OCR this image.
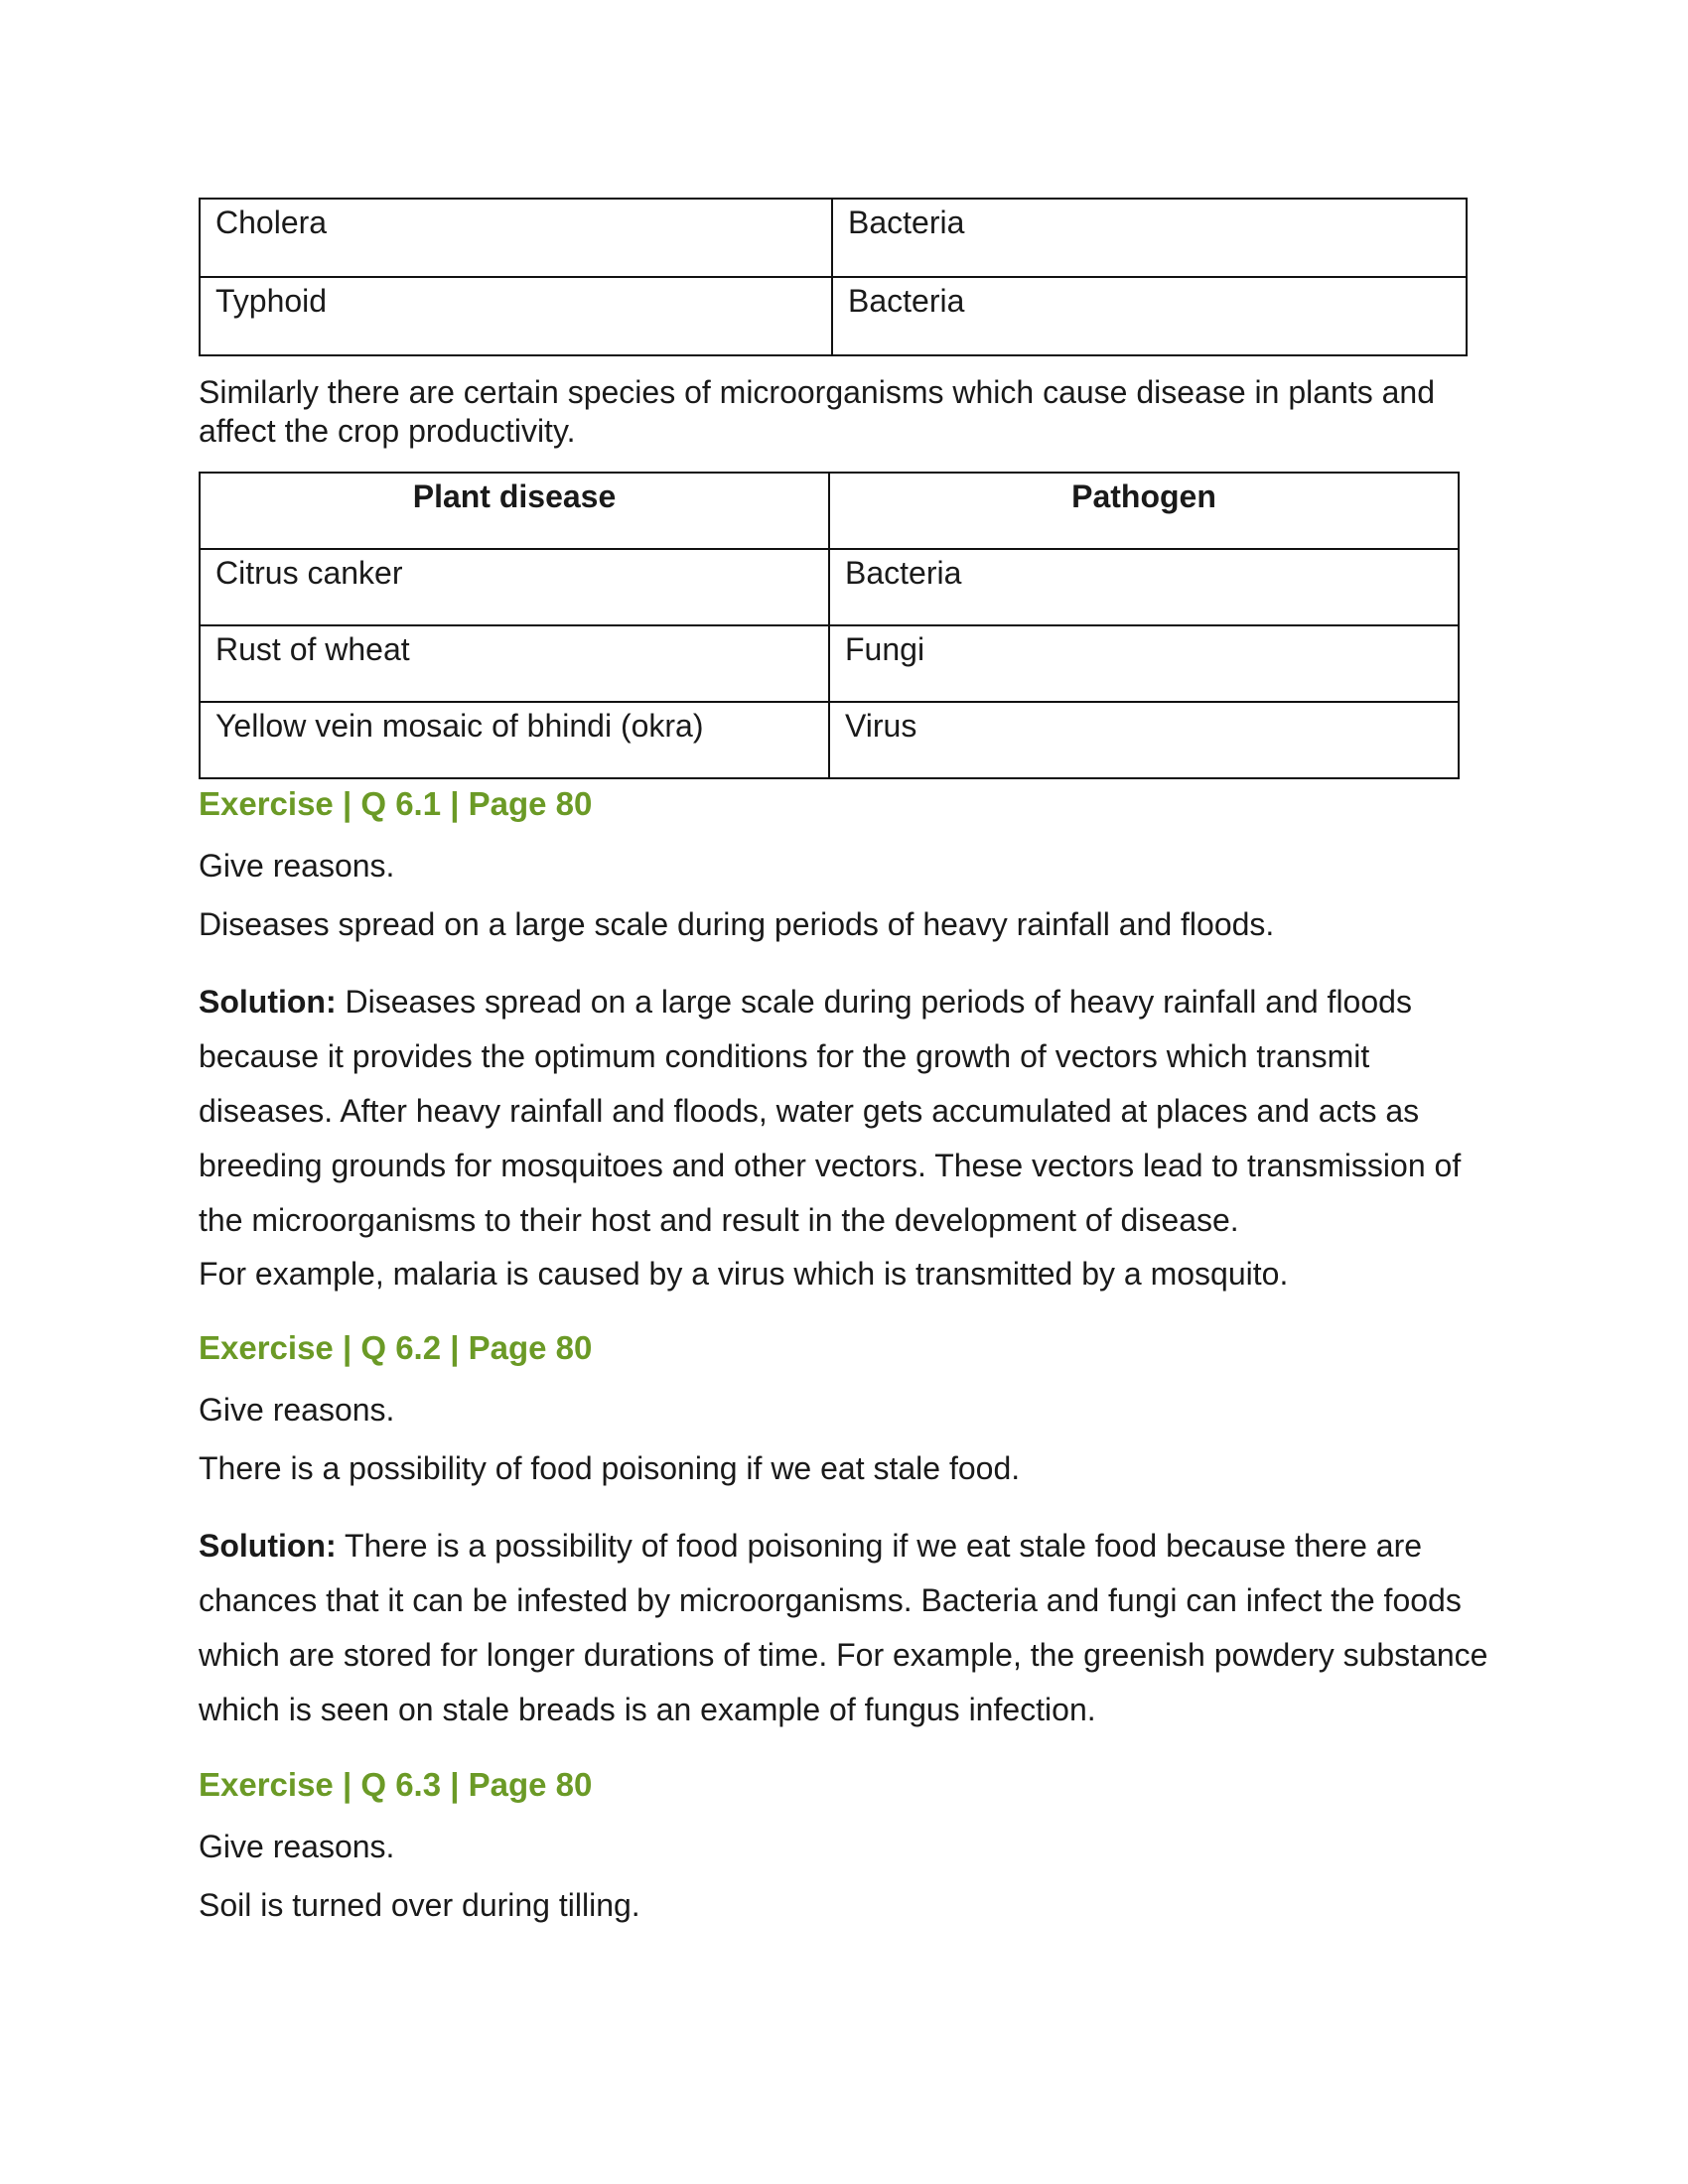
Cholera	Bacteria
Typhoid	Bacteria
Similarly there are certain species of microorganisms which cause disease in plants and affect the crop productivity.
Plant disease	Pathogen
Citrus canker	Bacteria
Rust of wheat	Fungi
Yellow vein mosaic of bhindi (okra)	Virus
Exercise | Q 6.1 | Page 80
Give reasons.
Diseases spread on a large scale during periods of heavy rainfall and floods.
Solution: Diseases spread on a large scale during periods of heavy rainfall and floods because it provides the optimum conditions for the growth of vectors which transmit diseases. After heavy rainfall and floods, water gets accumulated at places and acts as breeding grounds for mosquitoes and other vectors. These vectors lead to transmission of the microorganisms to their host and result in the development of disease.
For example, malaria is caused by a virus which is transmitted by a mosquito.
Exercise | Q 6.2 | Page 80
Give reasons.
There is a possibility of food poisoning if we eat stale food.
Solution: There is a possibility of food poisoning if we eat stale food because there are chances that it can be infested by microorganisms. Bacteria and fungi can infect the foods which are stored for longer durations of time. For example, the greenish powdery substance which is seen on stale breads is an example of fungus infection.
Exercise | Q 6.3 | Page 80
Give reasons.
Soil is turned over during tilling.
